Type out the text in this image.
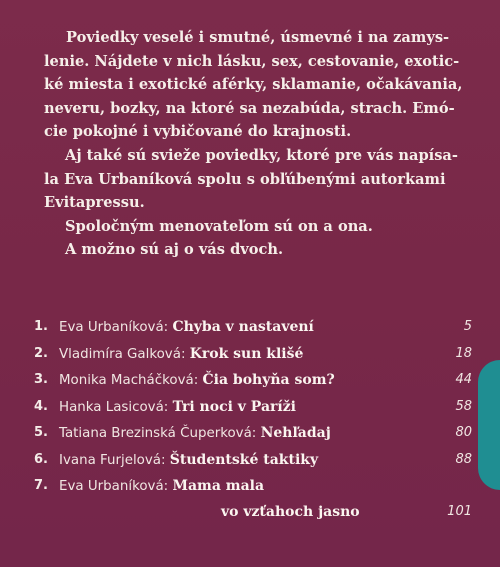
Poviedky veselé i smutné, úsmevné i na zamys-
lenie. Nájdete v nich lásku, sex, cestovanie, exotic-
ké miesta i exotické aférky, sklamanie, očakávania,
neveru, bozky, na ktoré sa nezabúda, strach. Emó-
cie pokojné i vybičované do krajnosti.

Aj také sú svieže poviedky, ktoré pre vás napísa-
la Eva Urbaníková spolu s obľúbenými autorkami
Evitapressu.

Spoločným menovateľom sú on a ona.

A možno sú aj o vás dvoch.

1. Eva Urbaníková: Chyba v nastavení	5
2. Vladimíra Galková: Krok sun klišé	18
3. Monika Macháčková: Čia bohyňa som?	44
4. Hanka Lasicová: Tri noci v Paríži	58
5. Tatiana Brezinská Čuperková: Nehľadaj	80
6. Ivana Furjelová: Študentské taktiky	88
7. Eva Urbaníková: Mama mala
vo vzťahoch jasno	101
